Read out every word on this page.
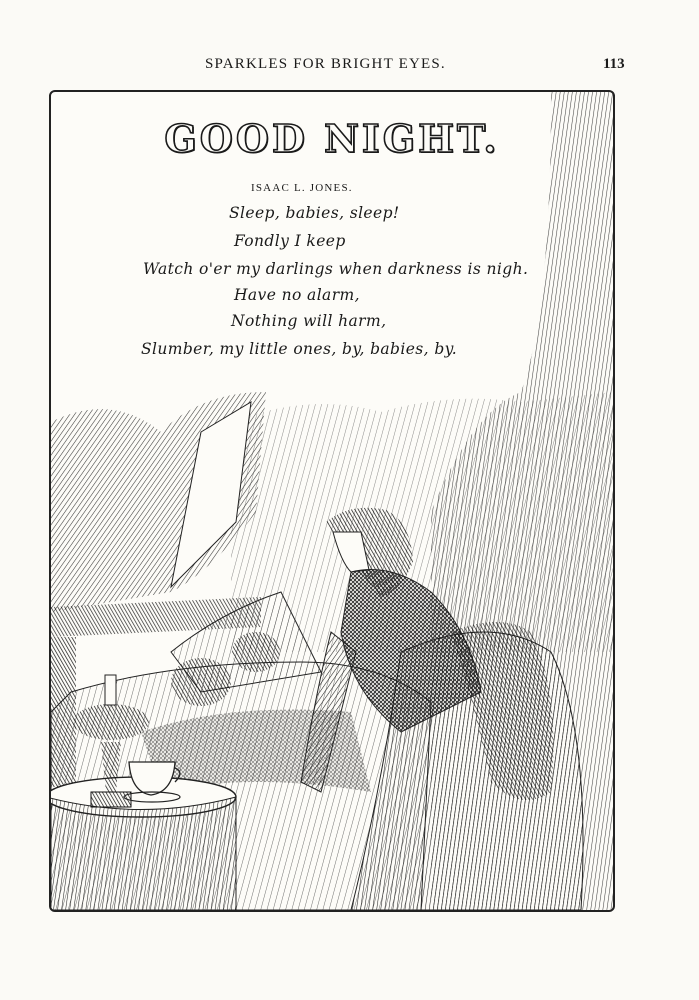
SPARKLES FOR BRIGHT EYES.	113
GOOD NIGHT.
ISAAC L. JONES.
Sleep, babies, sleep!
Fondly I keep
Watch o'er my darlings when darkness is nigh.
Have no alarm,
Nothing will harm,
Slumber, my little ones, by, babies, by.
